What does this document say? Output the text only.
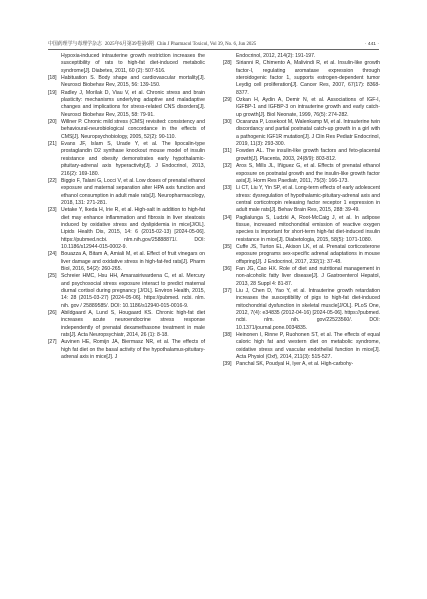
中国药理学与毒理学杂志 2025年6月第39卷第6期 Chin J Pharmacol Toxicol, Vol 39, No. 6, Jun 2025	· 441 ·

Hypoxia-induced intrauterine growth restriction increases the susceptibility of rats to high-fat diet-induced metabolic syndrome[J]. Diabetes, 2011, 60 (2): 507-516.

[18] Habituation S. Body shape and cardiovascular mortality[J]. Neurosci Biobehav Rev, 2015, 56: 139-150.

[19] Radley J, Morilak D, Viau V, et al. Chronic stress and brain plasticity: mechanisms underlying adaptive and maladaptive changes and implications for stress-related CNS disorders[J]. Neurosci Biobehav Rev, 2015, 58: 79-91.

[20] Willner P. Chronic mild stress (CMS) revisited: consistency and behavioural-neurobiological concordance in the effects of CMS[J]. Neuropsychobiology, 2005, 52(2): 90-110.

[21] Evans JF, Islam S, Urade Y, et al. The lipocalin-type prostaglandin D2 synthase knockout mouse model of insulin resistance and obesity demonstrates early hypothalamic-pituitary-adrenal axis hyperactivity[J]. J Endocrinol, 2013, 216(2): 169-180.

[22] Biggio F, Talani G, Locci V, et al. Low doses of prenatal ethanol exposure and maternal separation alter HPA axis function and ethanol consumption in adult male rats[J]. Neuropharmacology, 2018, 131: 271-281.

[23] Uetake Y, Ikeda H, Irie R, et al. High-salt in addition to high-fat diet may enhance inflammation and fibrosis in liver steatosis induced by oxidative stress and dyslipidemia in mice[J/OL]. Lipids Health Dis, 2015, 14: 6 (2015-02-13) [2024-05-06]. https://pubmed.ncbi. nlm.nih.gov/25888871/. DOI: 10.1186/s12944-015-0002-9.

[24] Bouazza A, Bitam A, Amiali M, et al. Effect of fruit vinegars on liver damage and oxidative stress in high-fat-fed rats[J]. Pharm Biol, 2016, 54(2): 260-265.

[25] Schreier HMC, Hsu HH, Amarasiriwardena C, et al. Mercury and psychosocial stress exposure interact to predict maternal diurnal cortisol during pregnancy [J/OL]. Environ Health, 2015, 14: 28 (2015-03-27) [2024-05-06]. https://pubmed. ncbi. nlm. nih. gov / 25889585/. DOI: 10.1186/s12940-015-0016-9.

[26] Abildgaard A, Lund S, Hougaard KS. Chronic high-fat diet increases acute neuroendocrine stress response independently of prenatal dexamethasone treatment in male rats[J]. Acta Neuropsychiatr, 2014, 26 (1): 8-18.

[27] Auvinen HE, Romijn JA, Biermasz NR, et al. The effects of high fat diet on the basal activity of the hypothalamus-pituitary-adrenal axis in mice[J]. J

Endocrinol, 2012, 214(2): 191-197.

[28] Sirianni R, Chimento A, Malivindi R, et al. Insulin-like growth factor-I, regulating aromatase expression through steroidogenic factor 1, supports estrogen-dependent tumor Leydig cell proliferation[J]. Cancer Res, 2007, 67(17): 8368-8377.

[29] Ozkan H, Aydin A, Demir N, et al. Associations of IGF-I, IGFBP-1 and IGFBP-3 on intrauterine growth and early catch-up growth[J]. Biol Neonate, 1999, 76(5): 274-282.

[30] Ocaranza P, Losekoot M, Walenkamp M, et al. Intrauterine twin discordancy and partial postnatal catch-up growth in a girl with a pathogenic IGF1R mutation[J]. J Clin Res Pediatr Endocrinol, 2019, 11(3): 293-300.

[31] Fowden AL. The insulin-like growth factors and feto-placental growth[J]. Placenta, 2003, 24(8/9): 803-812.

[32] Aros S, Mills JL, Iñiguez G, et al. Effects of prenatal ethanol exposure on postnatal growth and the insulin-like growth factor axis[J]. Horm Res Paediatr, 2011, 75(3): 166-173.

[33] Li CT, Liu Y, Yin SP, et al. Long-term effects of early adolescent stress: dysregulation of hypothalamic-pituitary-adrenal axis and central corticotropin releasing factor receptor 1 expression in adult male rats[J]. Behav Brain Res, 2015, 288: 39-49.

[34] Paglialunga S, Ludzki A, Root-McCaig J, et al. In adipose tissue, increased mitochondrial emission of reactive oxygen species is important for short-term high-fat diet-induced insulin resistance in mice[J]. Diabetologia, 2015, 58(5): 1071-1080.

[35] Cuffe JS, Turton EL, Akison LK, et al. Prenatal corticosterone exposure programs sex-specific adrenal adaptations in mouse offspring[J]. J Endocrinol, 2017, 232(1): 37-48.

[36] Fan JG, Cao HX. Role of diet and nutritional management in non-alcoholic fatty liver disease[J]. J Gastroenterol Hepatol, 2013, 28 Suppl 4: 81-87.

[37] Liu J, Chen D, Yao Y, et al. Intrauterine growth retardation increases the susceptibility of pigs to high-fat diet-induced mitochondrial dysfunction in skeletal muscle[J/OL]. PLoS One, 2012, 7(4): e34835 (2012-04-16) [2024-05-06]. https://pubmed. ncbi. nlm. nih. gov/22523560/. DOI: 10.1371/journal.pone.0034835.

[38] Heinonen I, Rinne P, Ruohonen ST, et al. The effects of equal caloric high fat and western diet on metabolic syndrome, oxidative stress and vascular endothelial function in mice[J]. Acta Physiol (Oxf), 2014, 211(3): 515-527.

[39] Panchal SK, Poudyal H, Iyer A, et al. High-carbohy-
